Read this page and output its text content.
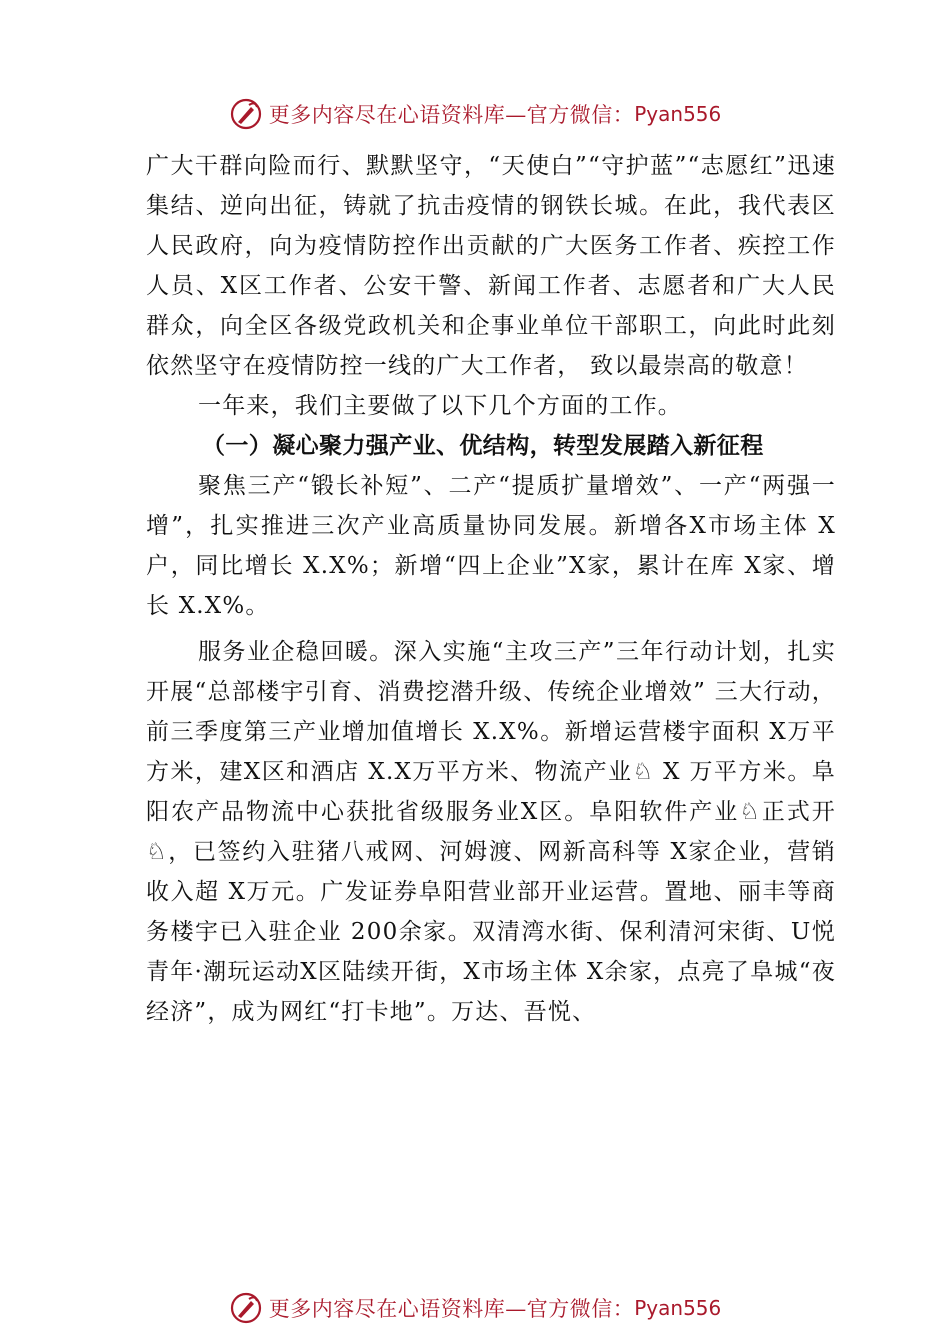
更多内容尽在心语资料库—官方微信： Pyan556

广大干群向险而行、默默坚守，“天使白”“守护蓝”“志愿红”迅速集结、逆向出征，铸就了抗击疫情的钢铁长城。在此，我代表区人民政府，向为疫情防控作出贡献的广大医务工作者、疾控工作人员、X区工作者、公安干警、新闻工作者、志愿者和广大人民群众，向全区各级党政机关和企事业单位干部职工，向此时此刻依然坚守在疫情防控一线的广大工作者， 致以最崇高的敬意！

一年来，我们主要做了以下几个方面的工作。

（一）凝心聚力强产业、优结构，转型发展踏入新征程

聚焦三产“锻长补短”、二产“提质扩量增效”、一产“两强一增”，扎实推进三次产业高质量协同发展。新增各X市场主体 X户，同比增长 X.X%；新增“四上企业”X家，累计在库 X家、增长 X.X%。

服务业企稳回暖。深入实施“主攻三产”三年行动计划，扎实开展“总部楼宇引育、消费挖潜升级、传统企业增效” 三大行动，前三季度第三产业增加值增长 X.X%。新增运营楼宇面积 X万平方米，建X区和酒店 X.X万平方米、物流产业♘ X 万平方米。阜阳农产品物流中心获批省级服务业X区。阜阳软件产业♘正式开♘，已签约入驻猪八戒网、河姆渡、网新高科等 X家企业，营销收入超 X万元。广发证券阜阳营业部开业运营。置地、丽丰等商务楼宇已入驻企业 200余家。双清湾水街、保利清河宋街、U悦青年·潮玩运动X区陆续开街，X市场主体 X余家，点亮了阜城“夜经济”，成为网红“打卡地”。万达、吾悦、

更多内容尽在心语资料库—官方微信： Pyan556
